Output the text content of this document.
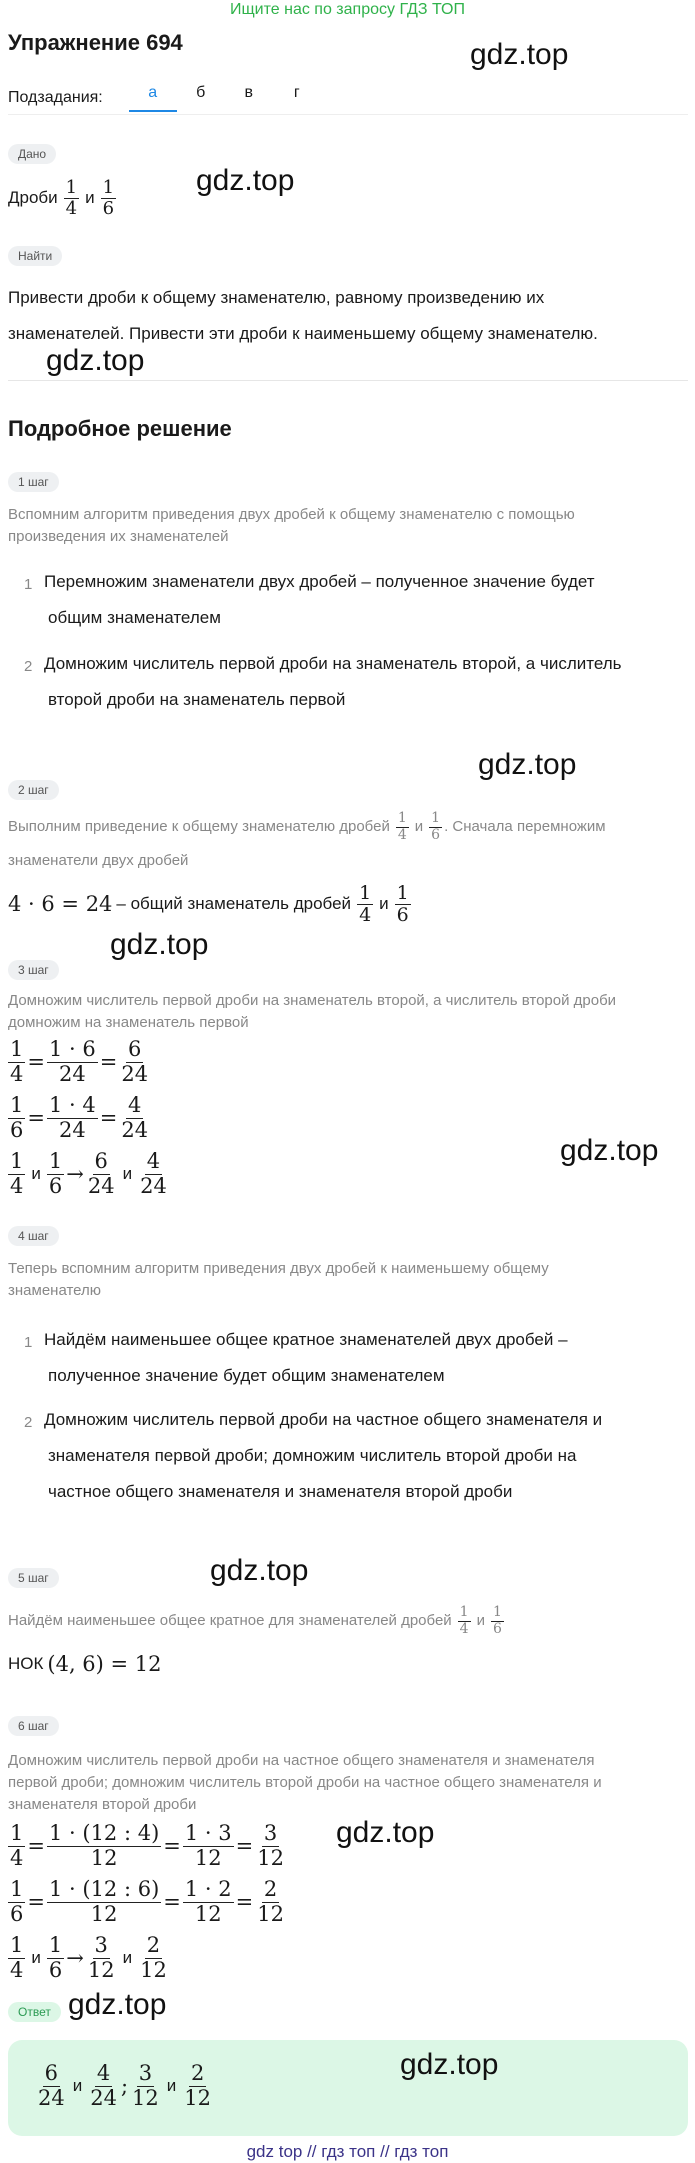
Ищите нас по запросу ГДЗ ТОП
Упражнение 694	gdz.top
Подзадания:	а	б	в	г
Дано
Дроби $\frac{1}{4}$ и $\frac{1}{6}$	gdz.top
Найти
Привести дроби к общему знаменателю, равному произведению их
знаменателей. Привести эти дроби к наименьшему общему знаменателю.
gdz.top
Подробное решение
1 шаг
Вспомним алгоритм приведения двух дробей к общему знаменателю с помощью
произведения их знаменателей
1 Перемножим знаменатели двух дробей – полученное значение будет
общим знаменателем
2 Домножим числитель первой дроби на знаменатель второй, а числитель
второй дроби на знаменатель первой
gdz.top
2 шаг
Выполним приведение к общему знаменателю дробей $\frac{1}{4}$ и $\frac{1}{6}$ . Сначала перемножим
знаменатели двух дробей
4 · 6 = 24 – общий знаменатель дробей $\frac{1}{4}$ и $\frac{1}{6}$
gdz.top
3 шаг
Домножим числитель первой дроби на знаменатель второй, а числитель второй дроби
домножим на знаменатель первой
$\frac{1}{4} = \frac{1 \cdot 6}{24} = \frac{6}{24}$
$\frac{1}{6} = \frac{1 \cdot 4}{24} = \frac{4}{24}$
$\frac{1}{4}$ и $\frac{1}{6} \to \frac{6}{24}$ и $\frac{4}{24}$	gdz.top
4 шаг
Теперь вспомним алгоритм приведения двух дробей к наименьшему общему
знаменателю
1 Найдём наименьшее общее кратное знаменателей двух дробей –
полученное значение будет общим знаменателем
2 Домножим числитель первой дроби на частное общего знаменателя и
знаменателя первой дроби; домножим числитель второй дроби на
частное общего знаменателя и знаменателя второй дроби
5 шаг	gdz.top
Найдём наименьшее общее кратное для знаменателей дробей $\frac{1}{4}$ и $\frac{1}{6}$
НОК (4, 6) = 12
6 шаг
Домножим числитель первой дроби на частное общего знаменателя и знаменателя
первой дроби; домножим числитель второй дроби на частное общего знаменателя и
знаменателя второй дроби
gdz.top
$\frac{1}{4} = \frac{1 \cdot (12 : 4)}{12} = \frac{1 \cdot 3}{12} = \frac{3}{12}$
$\frac{1}{6} = \frac{1 \cdot (12 : 6)}{12} = \frac{1 \cdot 2}{12} = \frac{2}{12}$
$\frac{1}{4}$ и $\frac{1}{6} \to \frac{3}{12}$ и $\frac{2}{12}$
Ответ gdz.top
$\frac{6}{24}$ и $\frac{4}{24}$ ; $\frac{3}{12}$ и $\frac{2}{12}$	gdz.top
gdz top // гдз топ // гдз топ
